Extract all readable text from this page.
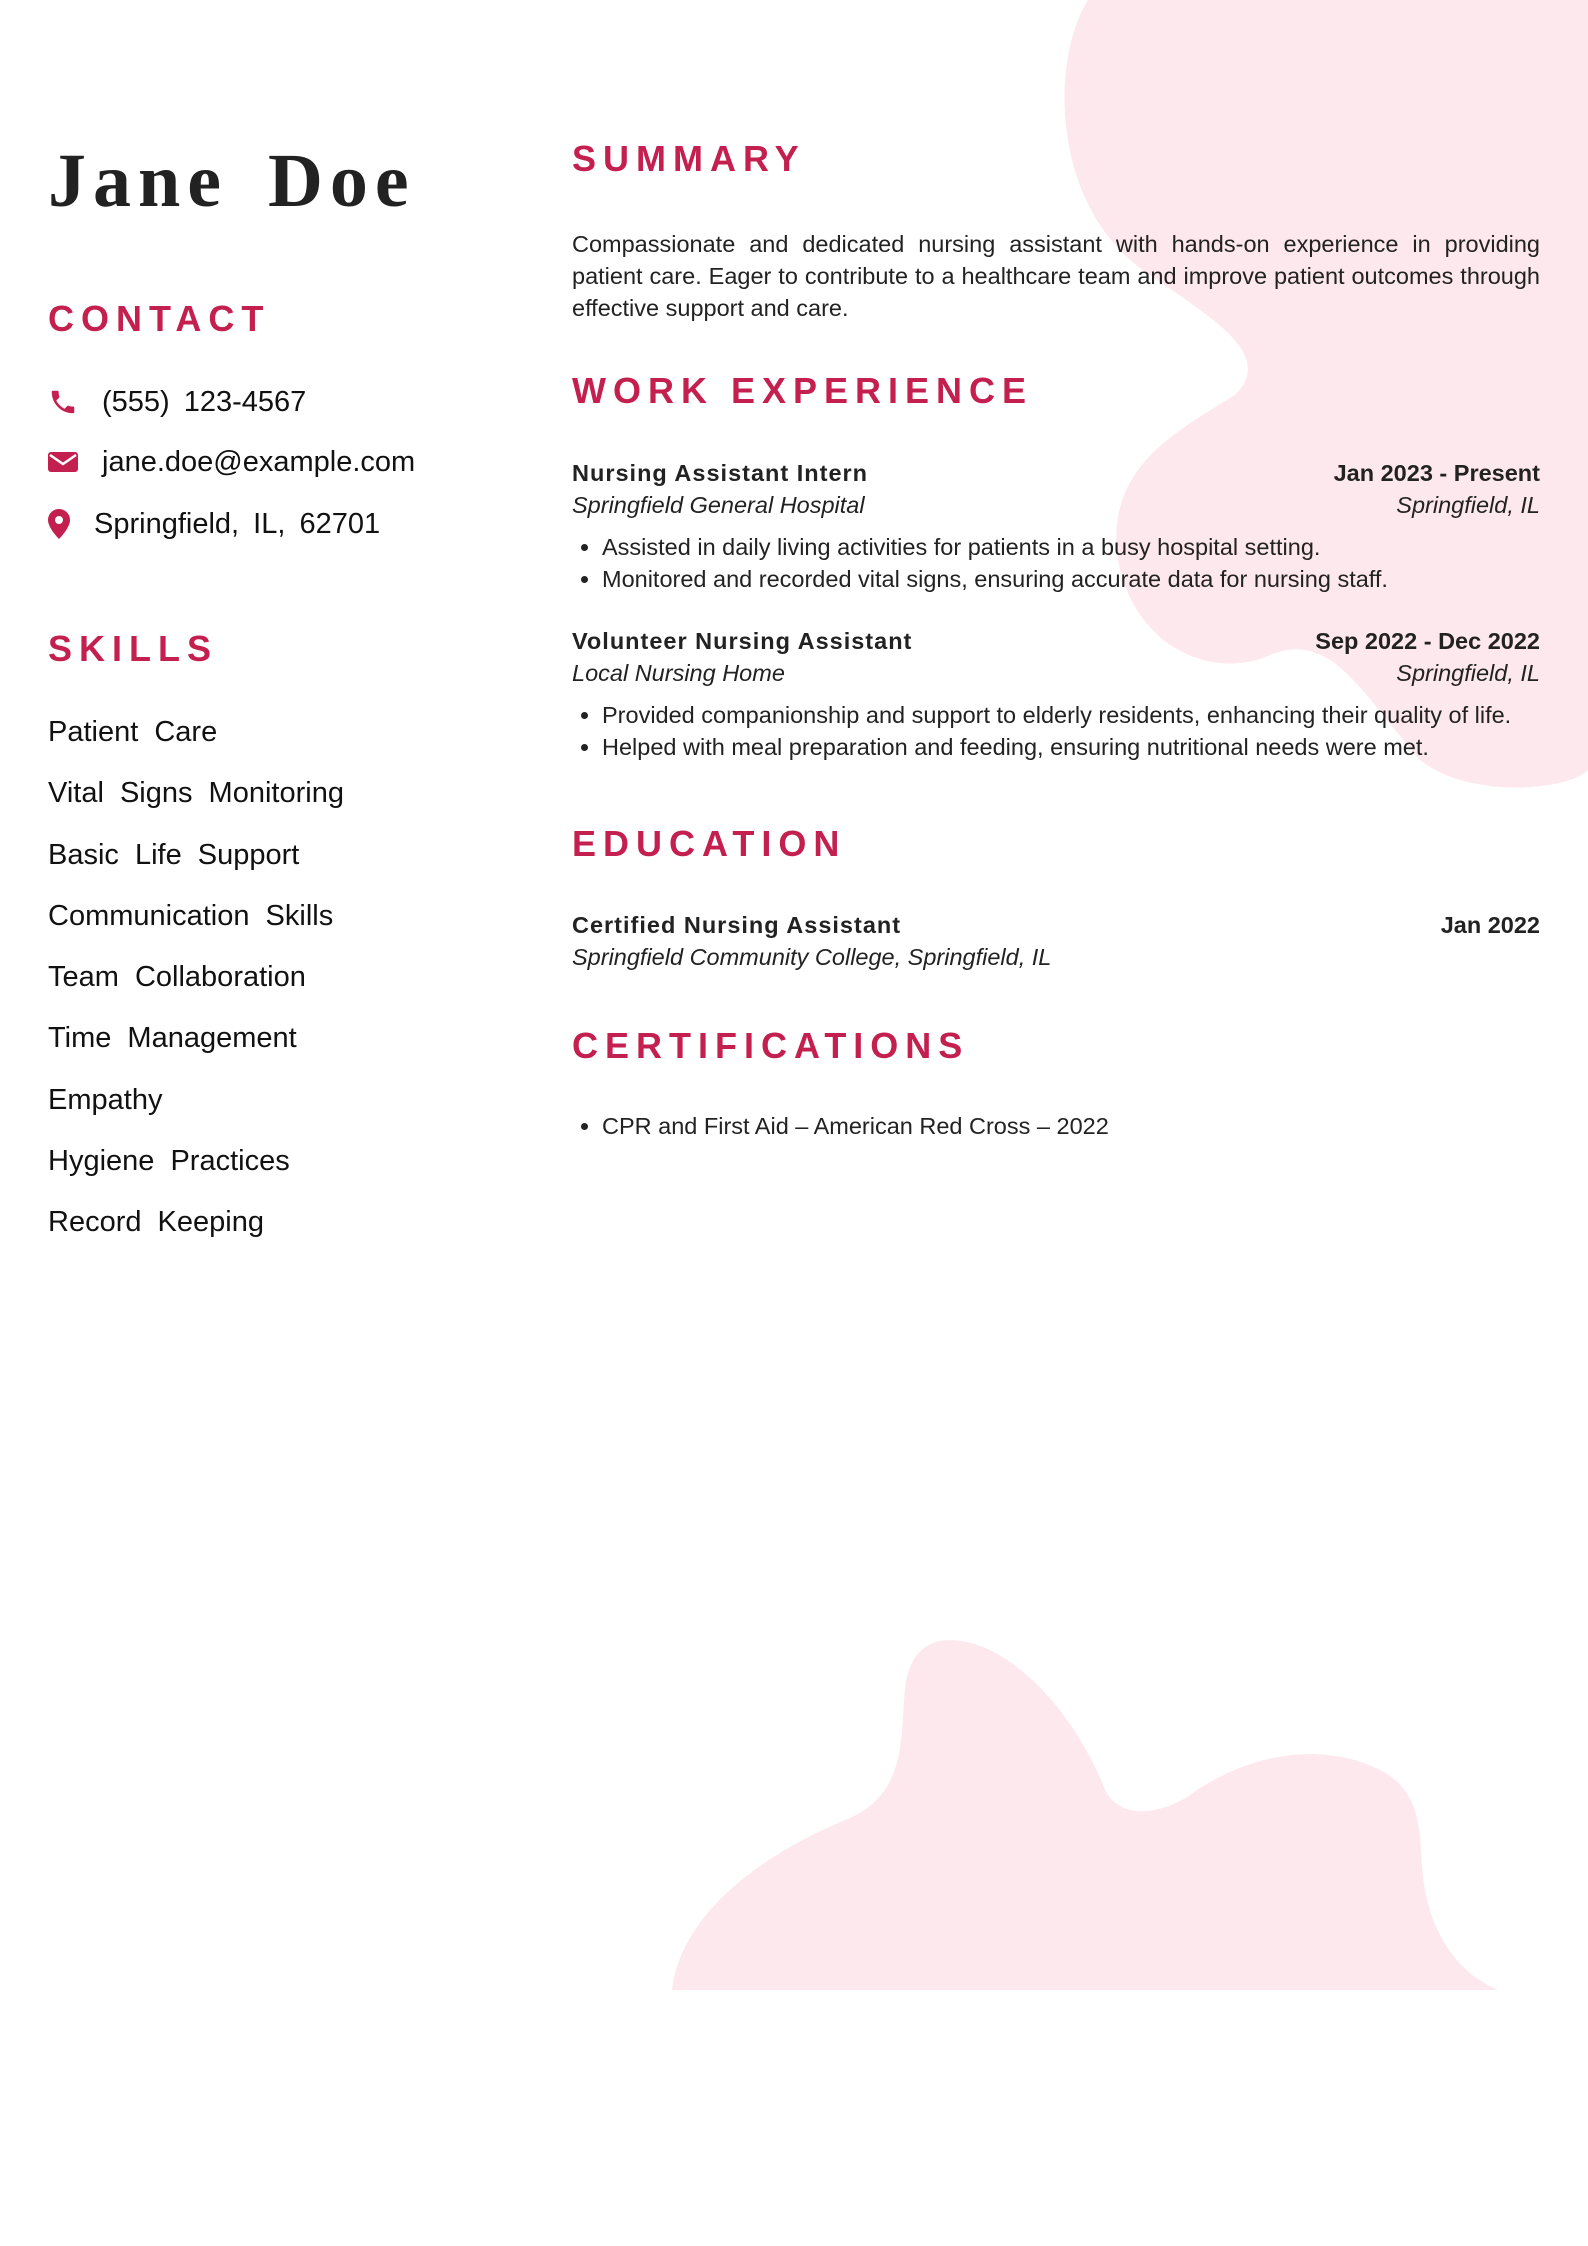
Jane Doe
CONTACT
(555) 123-4567
jane.doe@example.com
Springfield, IL, 62701
SKILLS
Patient Care
Vital Signs Monitoring
Basic Life Support
Communication Skills
Team Collaboration
Time Management
Empathy
Hygiene Practices
Record Keeping
SUMMARY

Compassionate and dedicated nursing assistant with hands-on experience in providing patient care. Eager to contribute to a healthcare team and improve patient outcomes through effective support and care.

WORK EXPERIENCE
Nursing Assistant Intern	Jan 2023 - Present
Springfield General Hospital	Springfield, IL
• Assisted in daily living activities for patients in a busy hospital setting.
• Monitored and recorded vital signs, ensuring accurate data for nursing staff.
Volunteer Nursing Assistant	Sep 2022 - Dec 2022
Local Nursing Home	Springfield, IL
• Provided companionship and support to elderly residents, enhancing their quality of life.
• Helped with meal preparation and feeding, ensuring nutritional needs were met.
EDUCATION
Certified Nursing Assistant	Jan 2022
Springfield Community College, Springfield, IL
CERTIFICATIONS
• CPR and First Aid – American Red Cross – 2022
